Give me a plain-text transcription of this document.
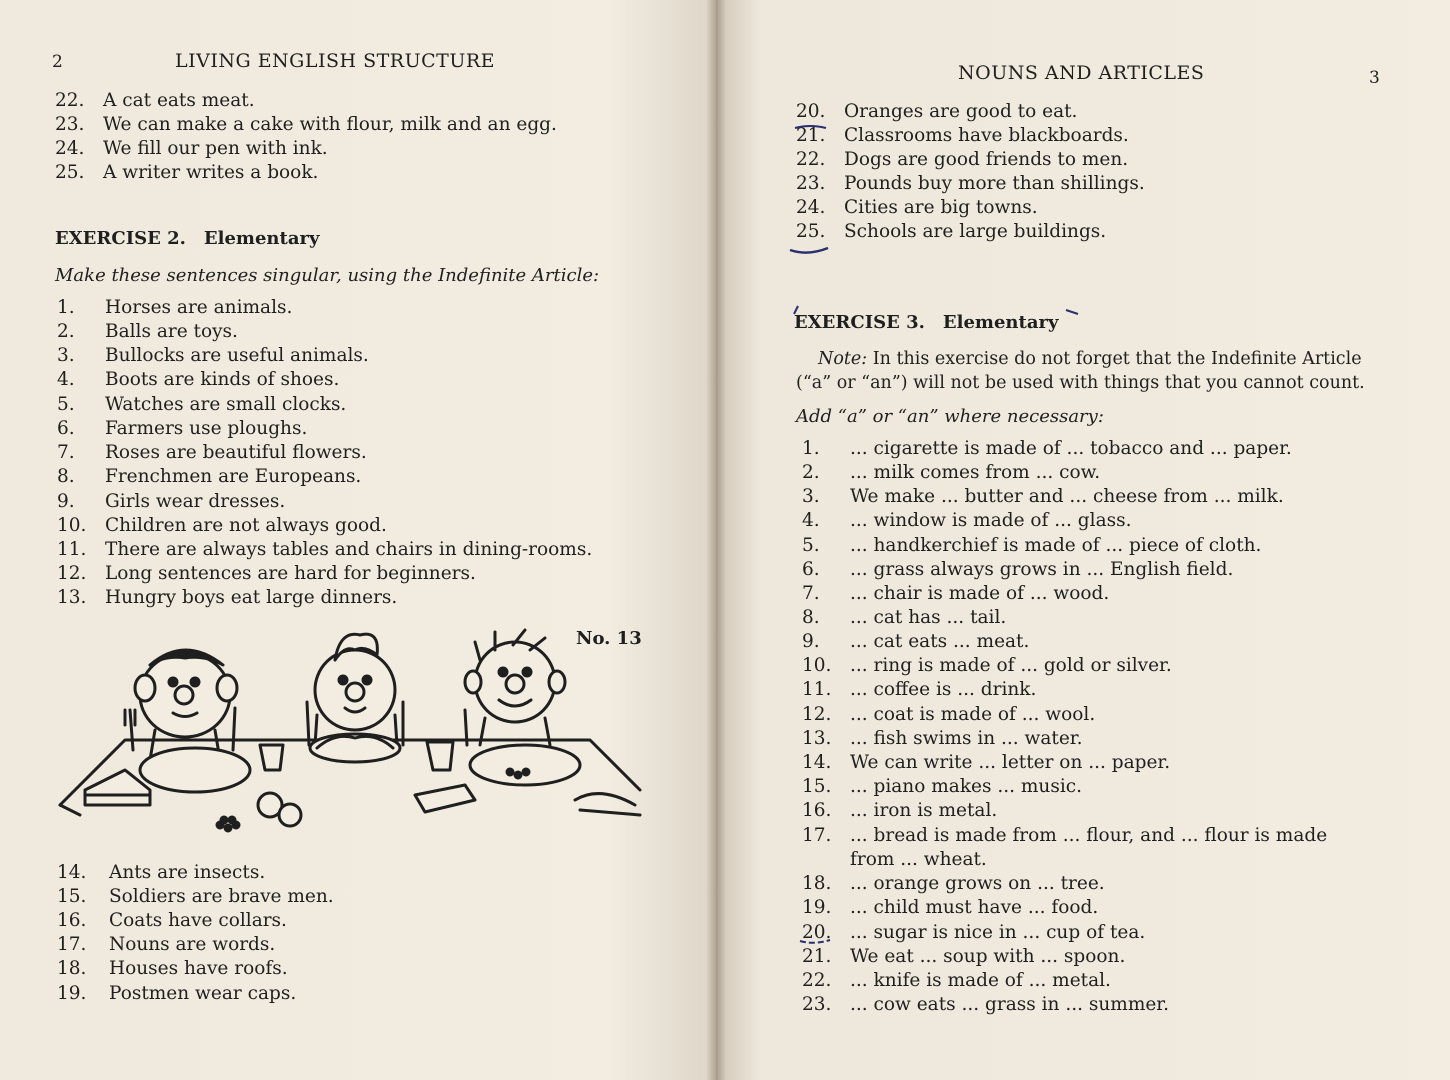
2	LIVING ENGLISH STRUCTURE
22.	A cat eats meat.
23.	We can make a cake with flour, milk and an egg.
24.	We fill our pen with ink.
25.	A writer writes a book.
EXERCISE 2. Elementary
Make these sentences singular, using the Indefinite Article:
1.	Horses are animals.
2.	Balls are toys.
3.	Bullocks are useful animals.
4.	Boots are kinds of shoes.
5.	Watches are small clocks.
6.	Farmers use ploughs.
7.	Roses are beautiful flowers.
8.	Frenchmen are Europeans.
9.	Girls wear dresses.
10.	Children are not always good.
11.	There are always tables and chairs in dining-rooms.
12.	Long sentences are hard for beginners.
13.	Hungry boys eat large dinners.
No. 13
14.	Ants are insects.
15.	Soldiers are brave men.
16.	Coats have collars.
17.	Nouns are words.
18.	Houses have roofs.
19.	Postmen wear caps.
NOUNS AND ARTICLES	3
20.	Oranges are good to eat.
21.	Classrooms have blackboards.
22.	Dogs are good friends to men.
23.	Pounds buy more than shillings.
24.	Cities are big towns.
25.	Schools are large buildings.
EXERCISE 3. Elementary
Note: In this exercise do not forget that the Indefinite Article
(“a” or “an”) will not be used with things that you cannot count.
Add “a” or “an” where necessary:
1.	... cigarette is made of ... tobacco and ... paper.
2.	... milk comes from ... cow.
3.	We make ... butter and ... cheese from ... milk.
4.	... window is made of ... glass.
5.	... handkerchief is made of ... piece of cloth.
6.	... grass always grows in ... English field.
7.	... chair is made of ... wood.
8.	... cat has ... tail.
9.	... cat eats ... meat.
10.	... ring is made of ... gold or silver.
11.	... coffee is ... drink.
12.	... coat is made of ... wool.
13.	... fish swims in ... water.
14.	We can write ... letter on ... paper.
15.	... piano makes ... music.
16.	... iron is metal.
17.	... bread is made from ... flour, and ... flour is made
from ... wheat.
18.	... orange grows on ... tree.
19.	... child must have ... food.
20.	... sugar is nice in ... cup of tea.
21.	We eat ... soup with ... spoon.
22.	... knife is made of ... metal.
23.	... cow eats ... grass in ... summer.
